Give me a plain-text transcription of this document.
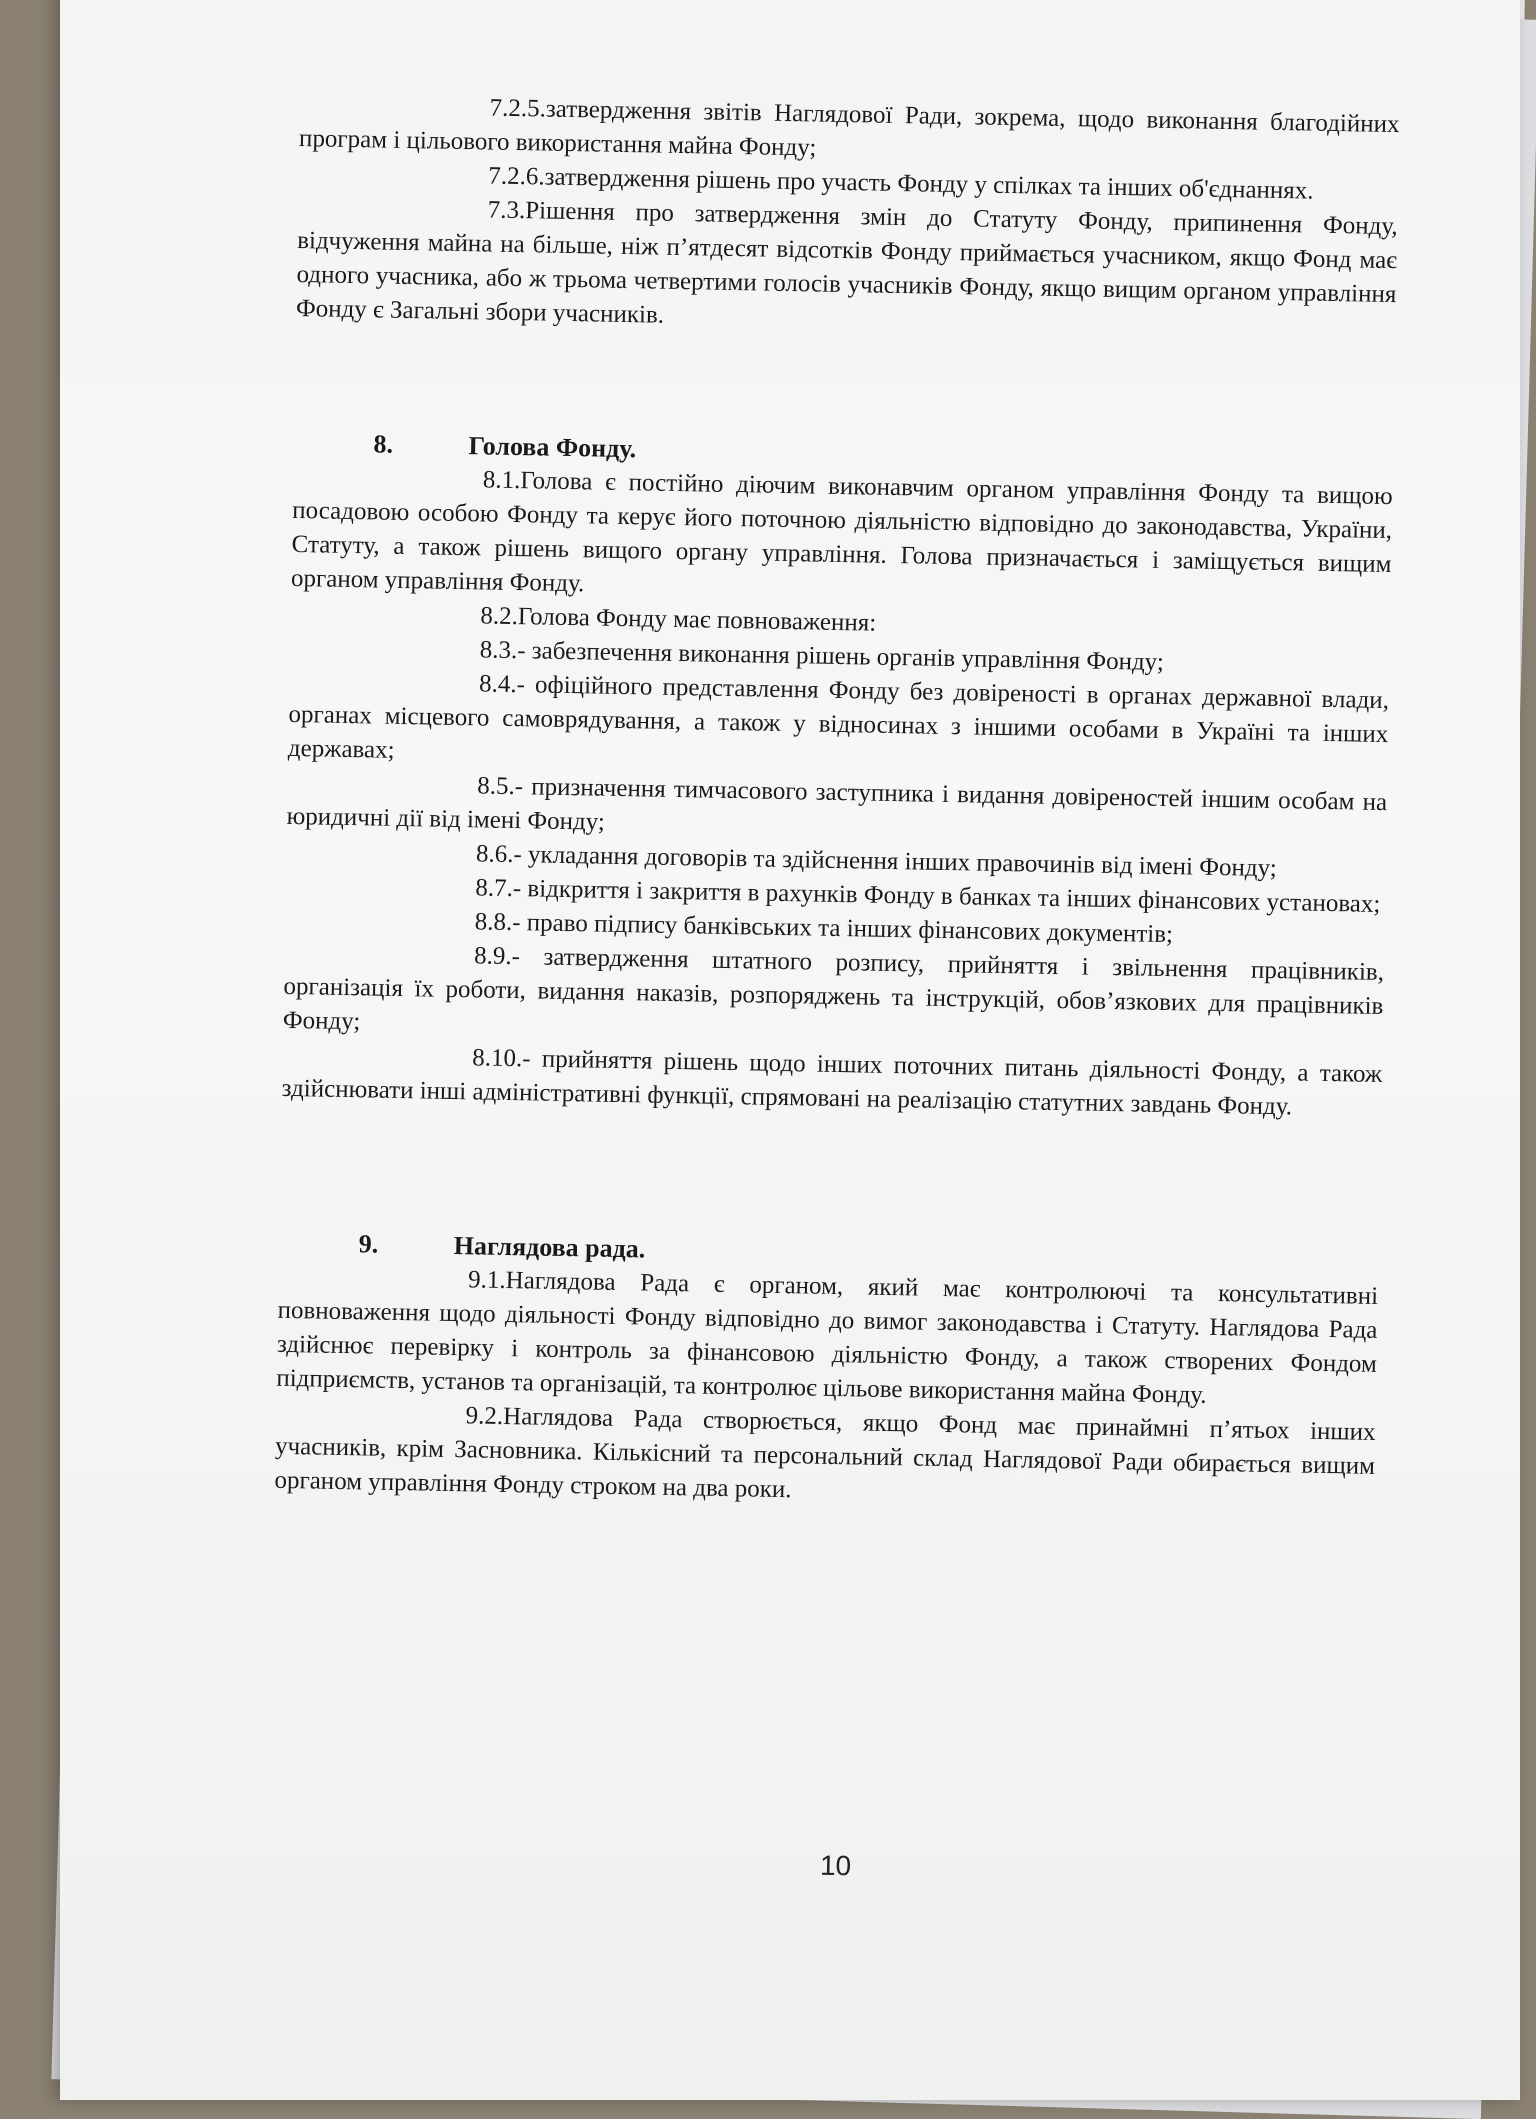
7.2.5.затвердження звітів Наглядової Ради, зокрема, щодо виконання благодійних програм і цільового використання майна Фонду;

7.2.6.затвердження рішень про участь Фонду у спілках та інших об'єднаннях.

7.3.Рішення про затвердження змін до Статуту Фонду, припинення Фонду, відчуження майна на більше, ніж п’ятдесят відсотків Фонду приймається учасником, якщо Фонд має одного учасника, або ж трьома четвертими голосів учасників Фонду, якщо вищим органом управління Фонду є Загальні збори учасників.

8.	Голова Фонду.

8.1.Голова є постійно діючим виконавчим органом управління Фонду та вищою посадовою особою Фонду та керує його поточною діяльністю відповідно до законодавства, України, Статуту, а також рішень вищого органу управління. Голова призначається і заміщується вищим органом управління Фонду.

8.2.Голова Фонду має повноваження:

8.3.- забезпечення виконання рішень органів управління Фонду;

8.4.- офіційного представлення Фонду без довіреності в органах державної влади, органах місцевого самоврядування, а також у відносинах з іншими особами в Україні та інших державах;

8.5.- призначення тимчасового заступника і видання довіреностей іншим особам на юридичні дії від імені Фонду;

8.6.- укладання договорів та здійснення інших правочинів від імені Фонду;

8.7.- відкриття і закриття в рахунків Фонду в банках та інших фінансових установах;

8.8.- право підпису банківських та інших фінансових документів;

8.9.- затвердження штатного розпису, прийняття і звільнення працівників, організація їх роботи, видання наказів, розпоряджень та інструкцій, обов’язкових для працівників Фонду;

8.10.- прийняття рішень щодо інших поточних питань діяльності Фонду, а також здійснювати інші адміністративні функції, спрямовані на реалізацію статутних завдань Фонду.

9.	Наглядова рада.

9.1.Наглядова Рада є органом, який має контролюючі та консультативні повноваження щодо діяльності Фонду відповідно до вимог законодавства і Статуту. Наглядова Рада здійснює перевірку і контроль за фінансовою діяльністю Фонду, а також створених Фондом підприємств, установ та організацій, та контролює цільове використання майна Фонду.

9.2.Наглядова Рада створюється, якщо Фонд має принаймні п’ятьох інших учасників, крім Засновника. Кількісний та персональний склад Наглядової Ради обирається вищим органом управління Фонду строком на два роки.

10
